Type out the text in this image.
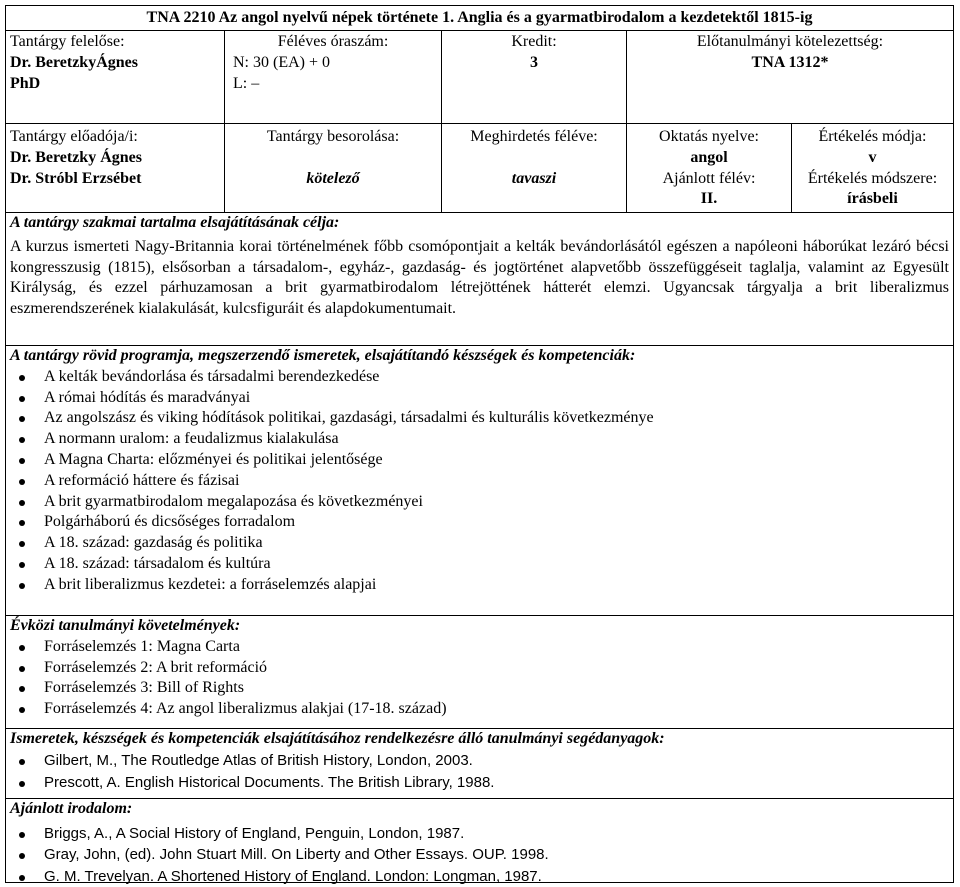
TNA 2210 Az angol nyelvű népek története 1. Anglia és a gyarmatbirodalom a kezdetektől 1815-ig
Tantárgy felelőse:
Dr. BeretzkyÁgnes
PhD
Féléves óraszám:
N: 30 (EA) + 0
L: –
Kredit:
3
Előtanulmányi kötelezettség:
TNA 1312*
Tantárgy előadója/i:
Dr. Beretzky Ágnes
Dr. Stróbl Erzsébet
Tantárgy besorolása:
kötelező
Meghirdetés féléve:
tavaszi
Oktatás nyelve:
angol
Ajánlott félév:
II.
Értékelés módja:
v
Értékelés módszere:
írásbeli
A tantárgy szakmai tartalma elsajátításának célja:
A kurzus ismerteti Nagy-Britannia korai történelmének főbb csomópontjait a kelták bevándorlásától egészen a napóleoni háborúkat lezáró bécsi kongresszusig (1815), elsősorban a társadalom-, egyház-, gazdaság- és jogtörténet alapvetőbb összefüggéseit taglalja, valamint az Egyesült Királyság, és ezzel párhuzamosan a brit gyarmatbirodalom létrejöttének hátterét elemzi. Ugyancsak tárgyalja a brit liberalizmus eszmerendszerének kialakulását, kulcsfiguráit és alapdokumentumait.
A tantárgy rövid programja, megszerzendő ismeretek, elsajátítandó készségek és kompetenciák:
A kelták bevándorlása és társadalmi berendezkedése
A római hódítás és maradványai
Az angolszász és viking hódítások politikai, gazdasági, társadalmi és kulturális következménye
A normann uralom: a feudalizmus kialakulása
A Magna Charta: előzményei és politikai jelentősége
A reformáció háttere és fázisai
A brit gyarmatbirodalom megalapozása és következményei
Polgárháború és dicsőséges forradalom
A 18. század: gazdaság és politika
A 18. század: társadalom és kultúra
A brit liberalizmus kezdetei: a forráselemzés alapjai
Évközi tanulmányi követelmények:
Forráselemzés 1: Magna Carta
Forráselemzés 2: A brit reformáció
Forráselemzés 3: Bill of Rights
Forráselemzés 4: Az angol liberalizmus alakjai (17-18. század)
Ismeretek, készségek és kompetenciák elsajátításához rendelkezésre álló tanulmányi segédanyagok:
Gilbert, M., The Routledge Atlas of British History, London, 2003.
Prescott, A. English Historical Documents. The British Library, 1988.
Ajánlott irodalom:
Briggs, A., A Social History of England, Penguin, London, 1987.
Gray, John, (ed). John Stuart Mill. On Liberty and Other Essays. OUP. 1998.
G. M. Trevelyan. A Shortened History of England. London: Longman, 1987.
